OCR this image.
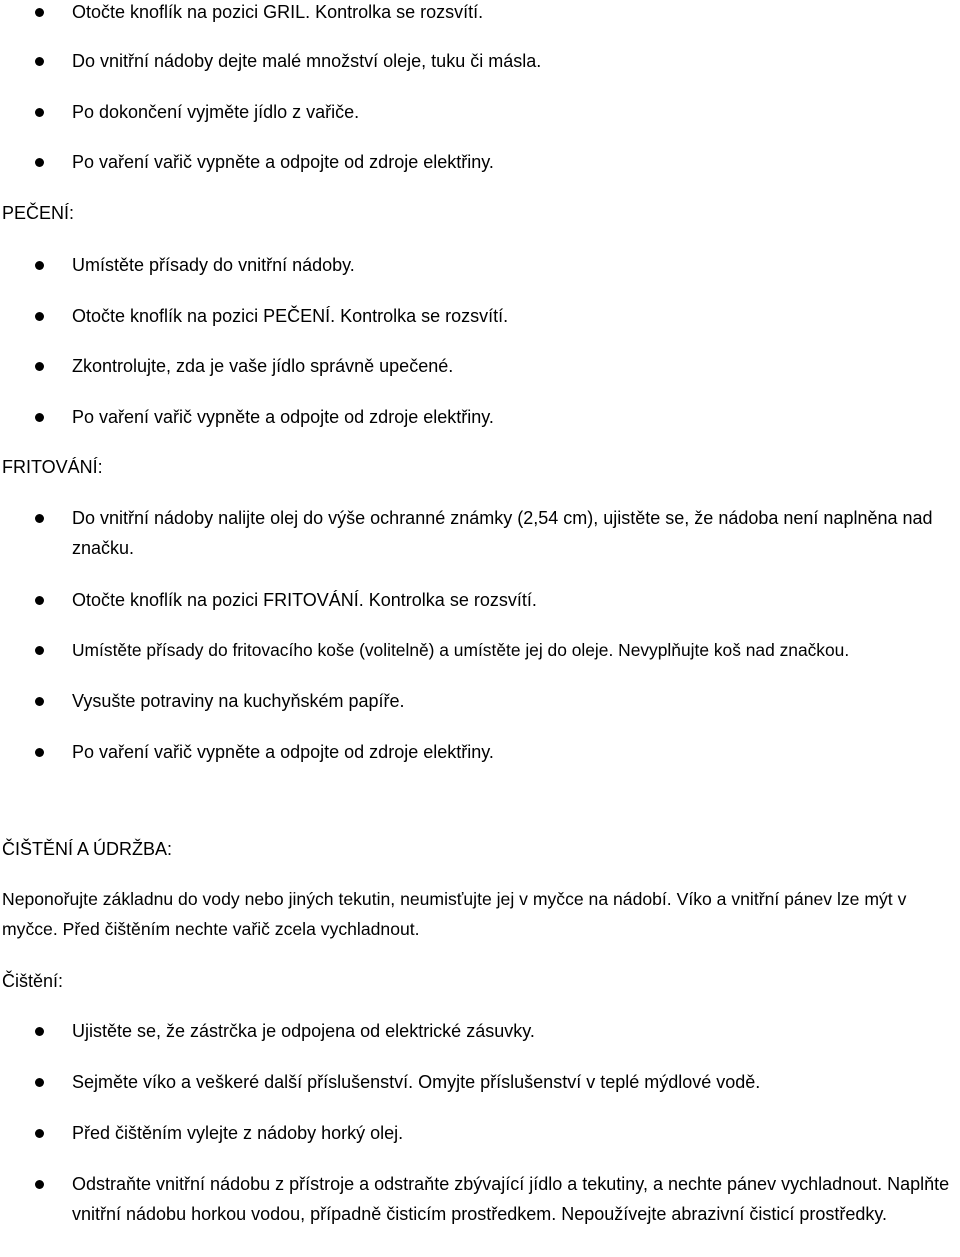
Otočte knoflík na pozici GRIL. Kontrolka se rozsvítí.
Do vnitřní nádoby dejte malé množství oleje, tuku či másla.
Po dokončení vyjměte jídlo z vařiče.
Po vaření vařič vypněte a odpojte od zdroje elektřiny.
PEČENÍ:
Umístěte přísady do vnitřní nádoby.
Otočte knoflík na pozici PEČENÍ. Kontrolka se rozsvítí.
Zkontrolujte, zda je vaše jídlo správně upečené.
Po vaření vařič vypněte a odpojte od zdroje elektřiny.
FRITOVÁNÍ:
Do vnitřní nádoby nalijte olej do výše ochranné známky (2,54 cm), ujistěte se, že nádoba není naplněna nad značku.
Otočte knoflík na pozici FRITOVÁNÍ. Kontrolka se rozsvítí.
Umístěte přísady do fritovacího koše (volitelně) a umístěte jej do oleje. Nevyplňujte koš nad značkou.
Vysušte potraviny na kuchyňském papíře.
Po vaření vařič vypněte a odpojte od zdroje elektřiny.
ČIŠTĚNÍ A ÚDRŽBA:
Neponořujte základnu do vody nebo jiných tekutin, neumisťujte jej v myčce na nádobí. Víko a vnitřní pánev lze mýt v myčce. Před čištěním nechte vařič zcela vychladnout.
Čištění:
Ujistěte se, že zástrčka je odpojena od elektrické zásuvky.
Sejměte víko a veškeré další příslušenství. Omyjte příslušenství v teplé mýdlové vodě.
Před čištěním vylejte z nádoby horký olej.
Odstraňte vnitřní nádobu z přístroje a odstraňte zbývající jídlo a tekutiny, a nechte pánev vychladnout. Naplňte vnitřní nádobu horkou vodou, případně čisticím prostředkem. Nepoužívejte abrazivní čisticí prostředky.
